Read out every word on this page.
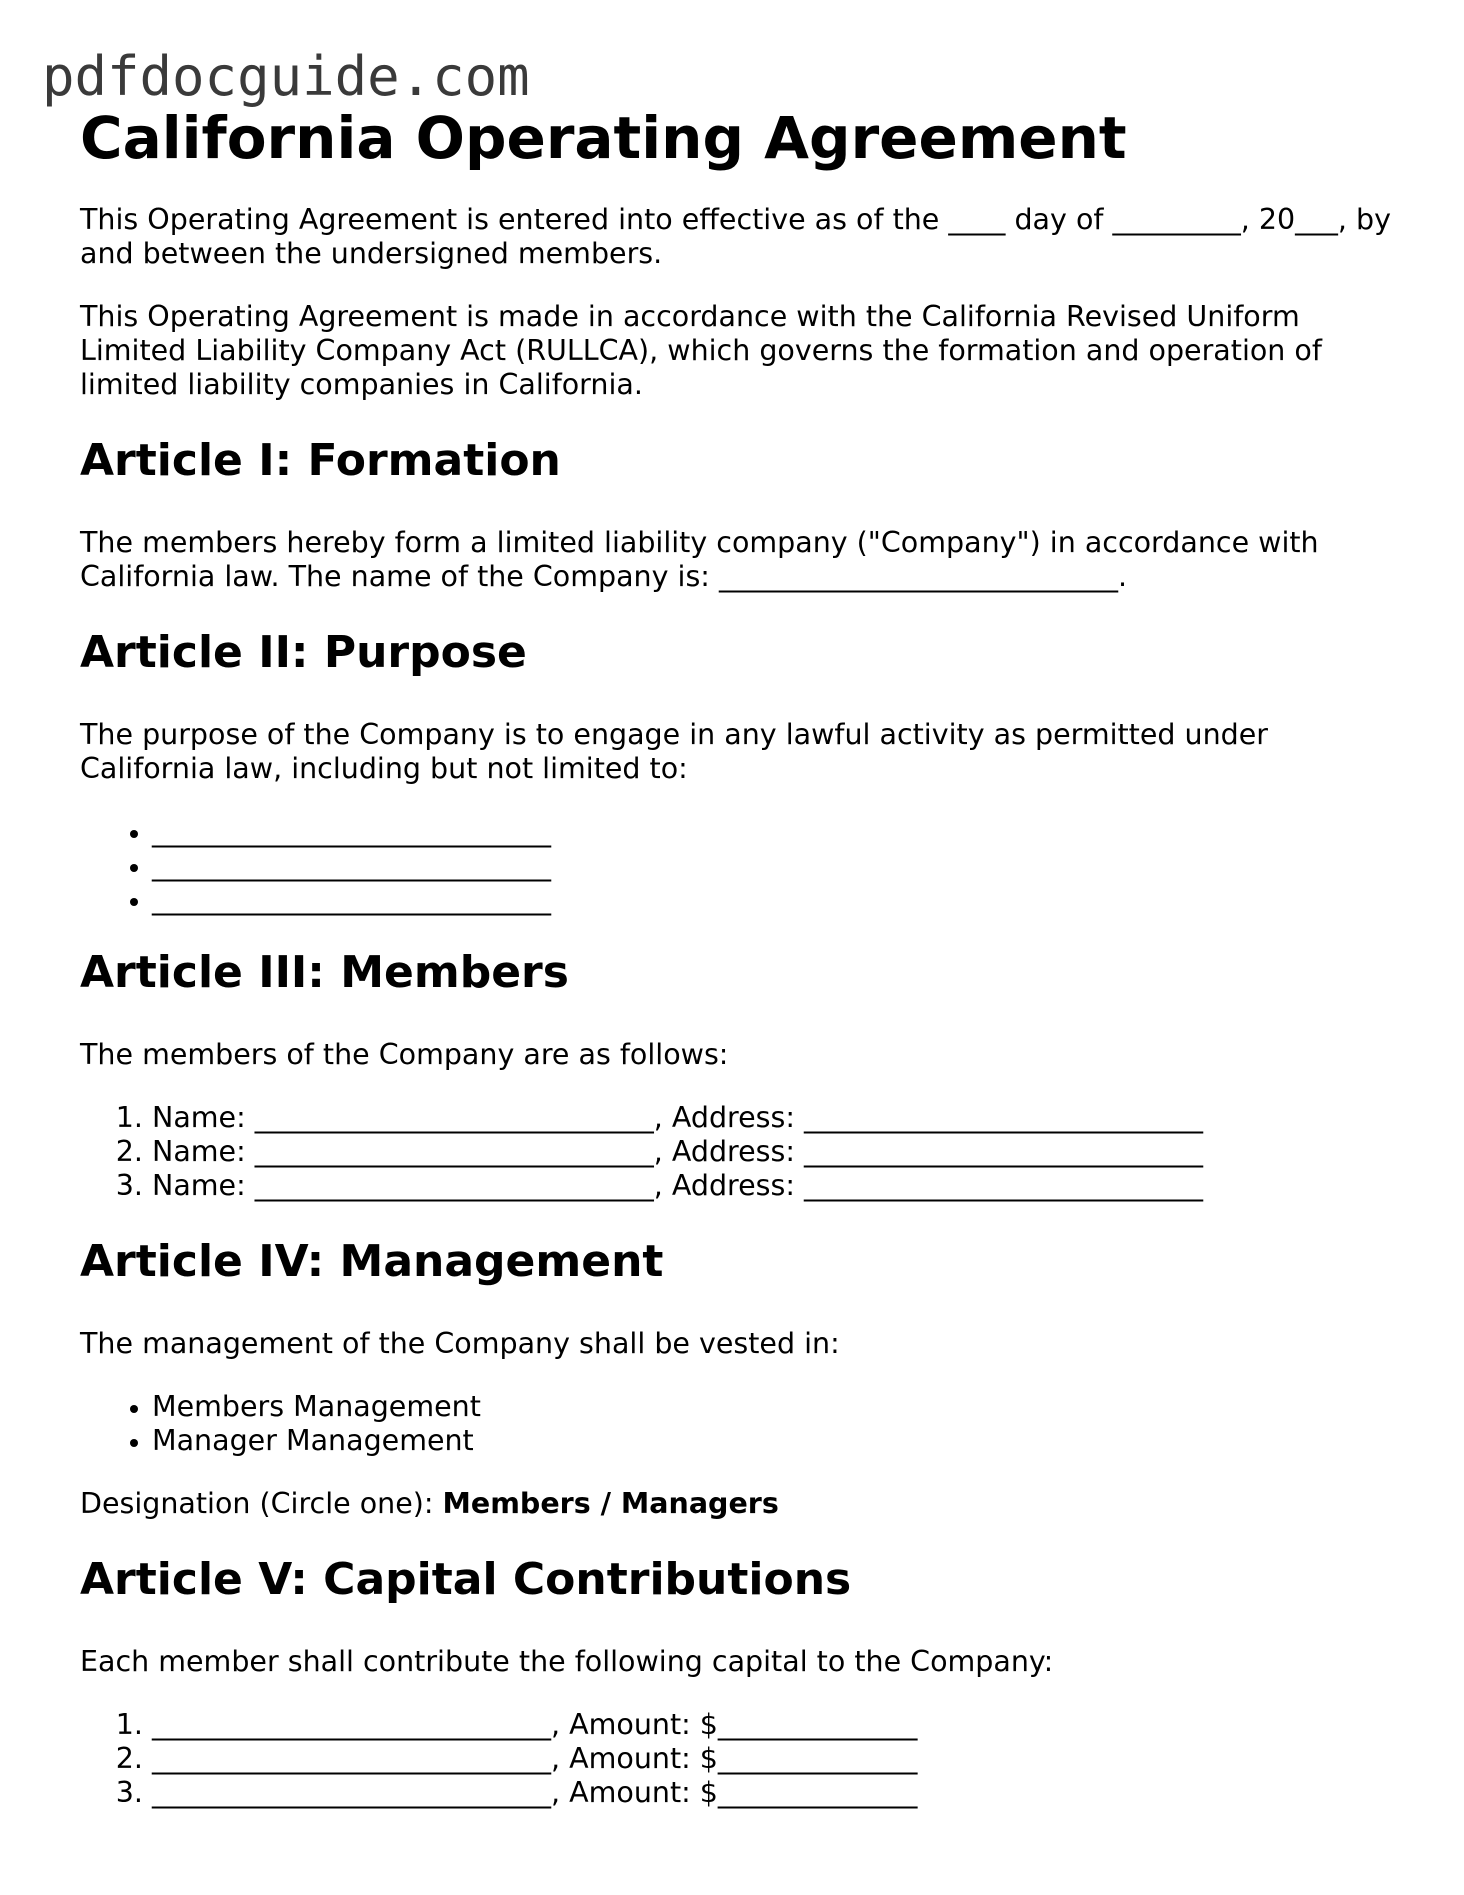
pdfdocguide.com
California Operating Agreement

This Operating Agreement is entered into effective as of the ____ day of _________, 20___, by and between the undersigned members.

This Operating Agreement is made in accordance with the California Revised Uniform Limited Liability Company Act (RULLCA), which governs the formation and operation of limited liability companies in California.

Article I: Formation

The members hereby form a limited liability company ("Company") in accordance with California law. The name of the Company is: ____________________________.

Article II: Purpose

The purpose of the Company is to engage in any lawful activity as permitted under California law, including but not limited to:

• ____________________________
• ____________________________
• ____________________________
Article III: Members

The members of the Company are as follows:

1. Name: ____________________________, Address: ____________________________
2. Name: ____________________________, Address: ____________________________
3. Name: ____________________________, Address: ____________________________
Article IV: Management

The management of the Company shall be vested in:

• Members Management
• Manager Management

Designation (Circle one): Members / Managers

Article V: Capital Contributions

Each member shall contribute the following capital to the Company:

1. ____________________________, Amount: $______________
2. ____________________________, Amount: $______________
3. ____________________________, Amount: $______________
